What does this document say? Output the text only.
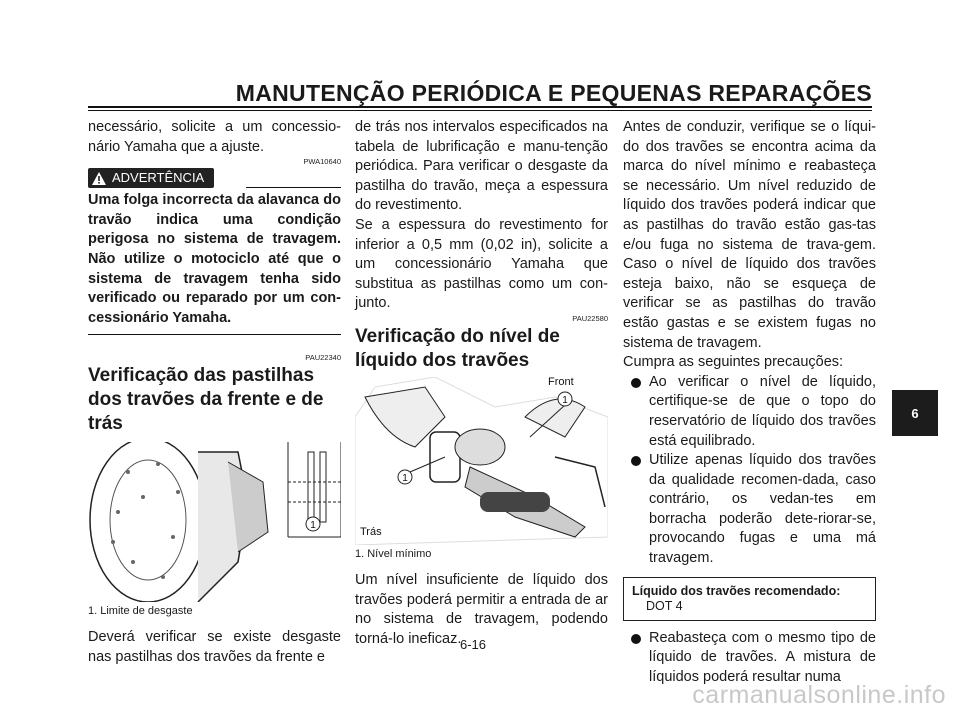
MANUTENÇÃO PERIÓDICA E PEQUENAS REPARAÇÕES

necessário, solicite a um concessio-nário Yamaha que a ajuste.

PWA10640
ADVERTÊNCIA

Uma folga incorrecta da alavanca do travão indica uma condição perigosa no sistema de travagem. Não utilize o motociclo até que o sistema de travagem tenha sido verificado ou reparado por um con-cessionário Yamaha.

PAU22340
Verificação das pastilhas dos travões da frente e de trás
1
1. Limite de desgaste

Deverá verificar se existe desgaste nas pastilhas dos travões da frente e

de trás nos intervalos especificados na tabela de lubrificação e manu-tenção periódica. Para verificar o desgaste da pastilha do travão, meça a espessura do revestimento.

Se a espessura do revestimento for inferior a 0,5 mm (0,02 in), solicite a um concessionário Yamaha que substitua as pastilhas como um con-junto.

PAU22580
Verificação do nível de líquido dos travões
1
1
Front
Trás
1. Nível mínimo

Um nível insuficiente de líquido dos travões poderá permitir a entrada de ar no sistema de travagem, podendo torná-lo ineficaz.

Antes de conduzir, verifique se o líqui-do dos travões se encontra acima da marca do nível mínimo e reabasteça se necessário. Um nível reduzido de líquido dos travões poderá indicar que as pastilhas do travão estão gas-tas e/ou fuga no sistema de trava-gem. Caso o nível de líquido dos travões esteja baixo, não se esqueça de verificar se as pastilhas do travão estão gastas e se existem fugas no sistema de travagem.

Cumpra as seguintes precauções:

Ao verificar o nível de líquido, certifique-se de que o topo do reservatório de líquido dos travões está equilibrado.
Utilize apenas líquido dos travões da qualidade recomen-dada, caso contrário, os vedan-tes em borracha poderão dete-riorar-se, provocando fugas e uma má travagem.
Líquido dos travões recomendado:
DOT 4
Reabasteça com o mesmo tipo de líquido de travões. A mistura de líquidos poderá resultar numa
6
6-16
carmanualsonline.info
